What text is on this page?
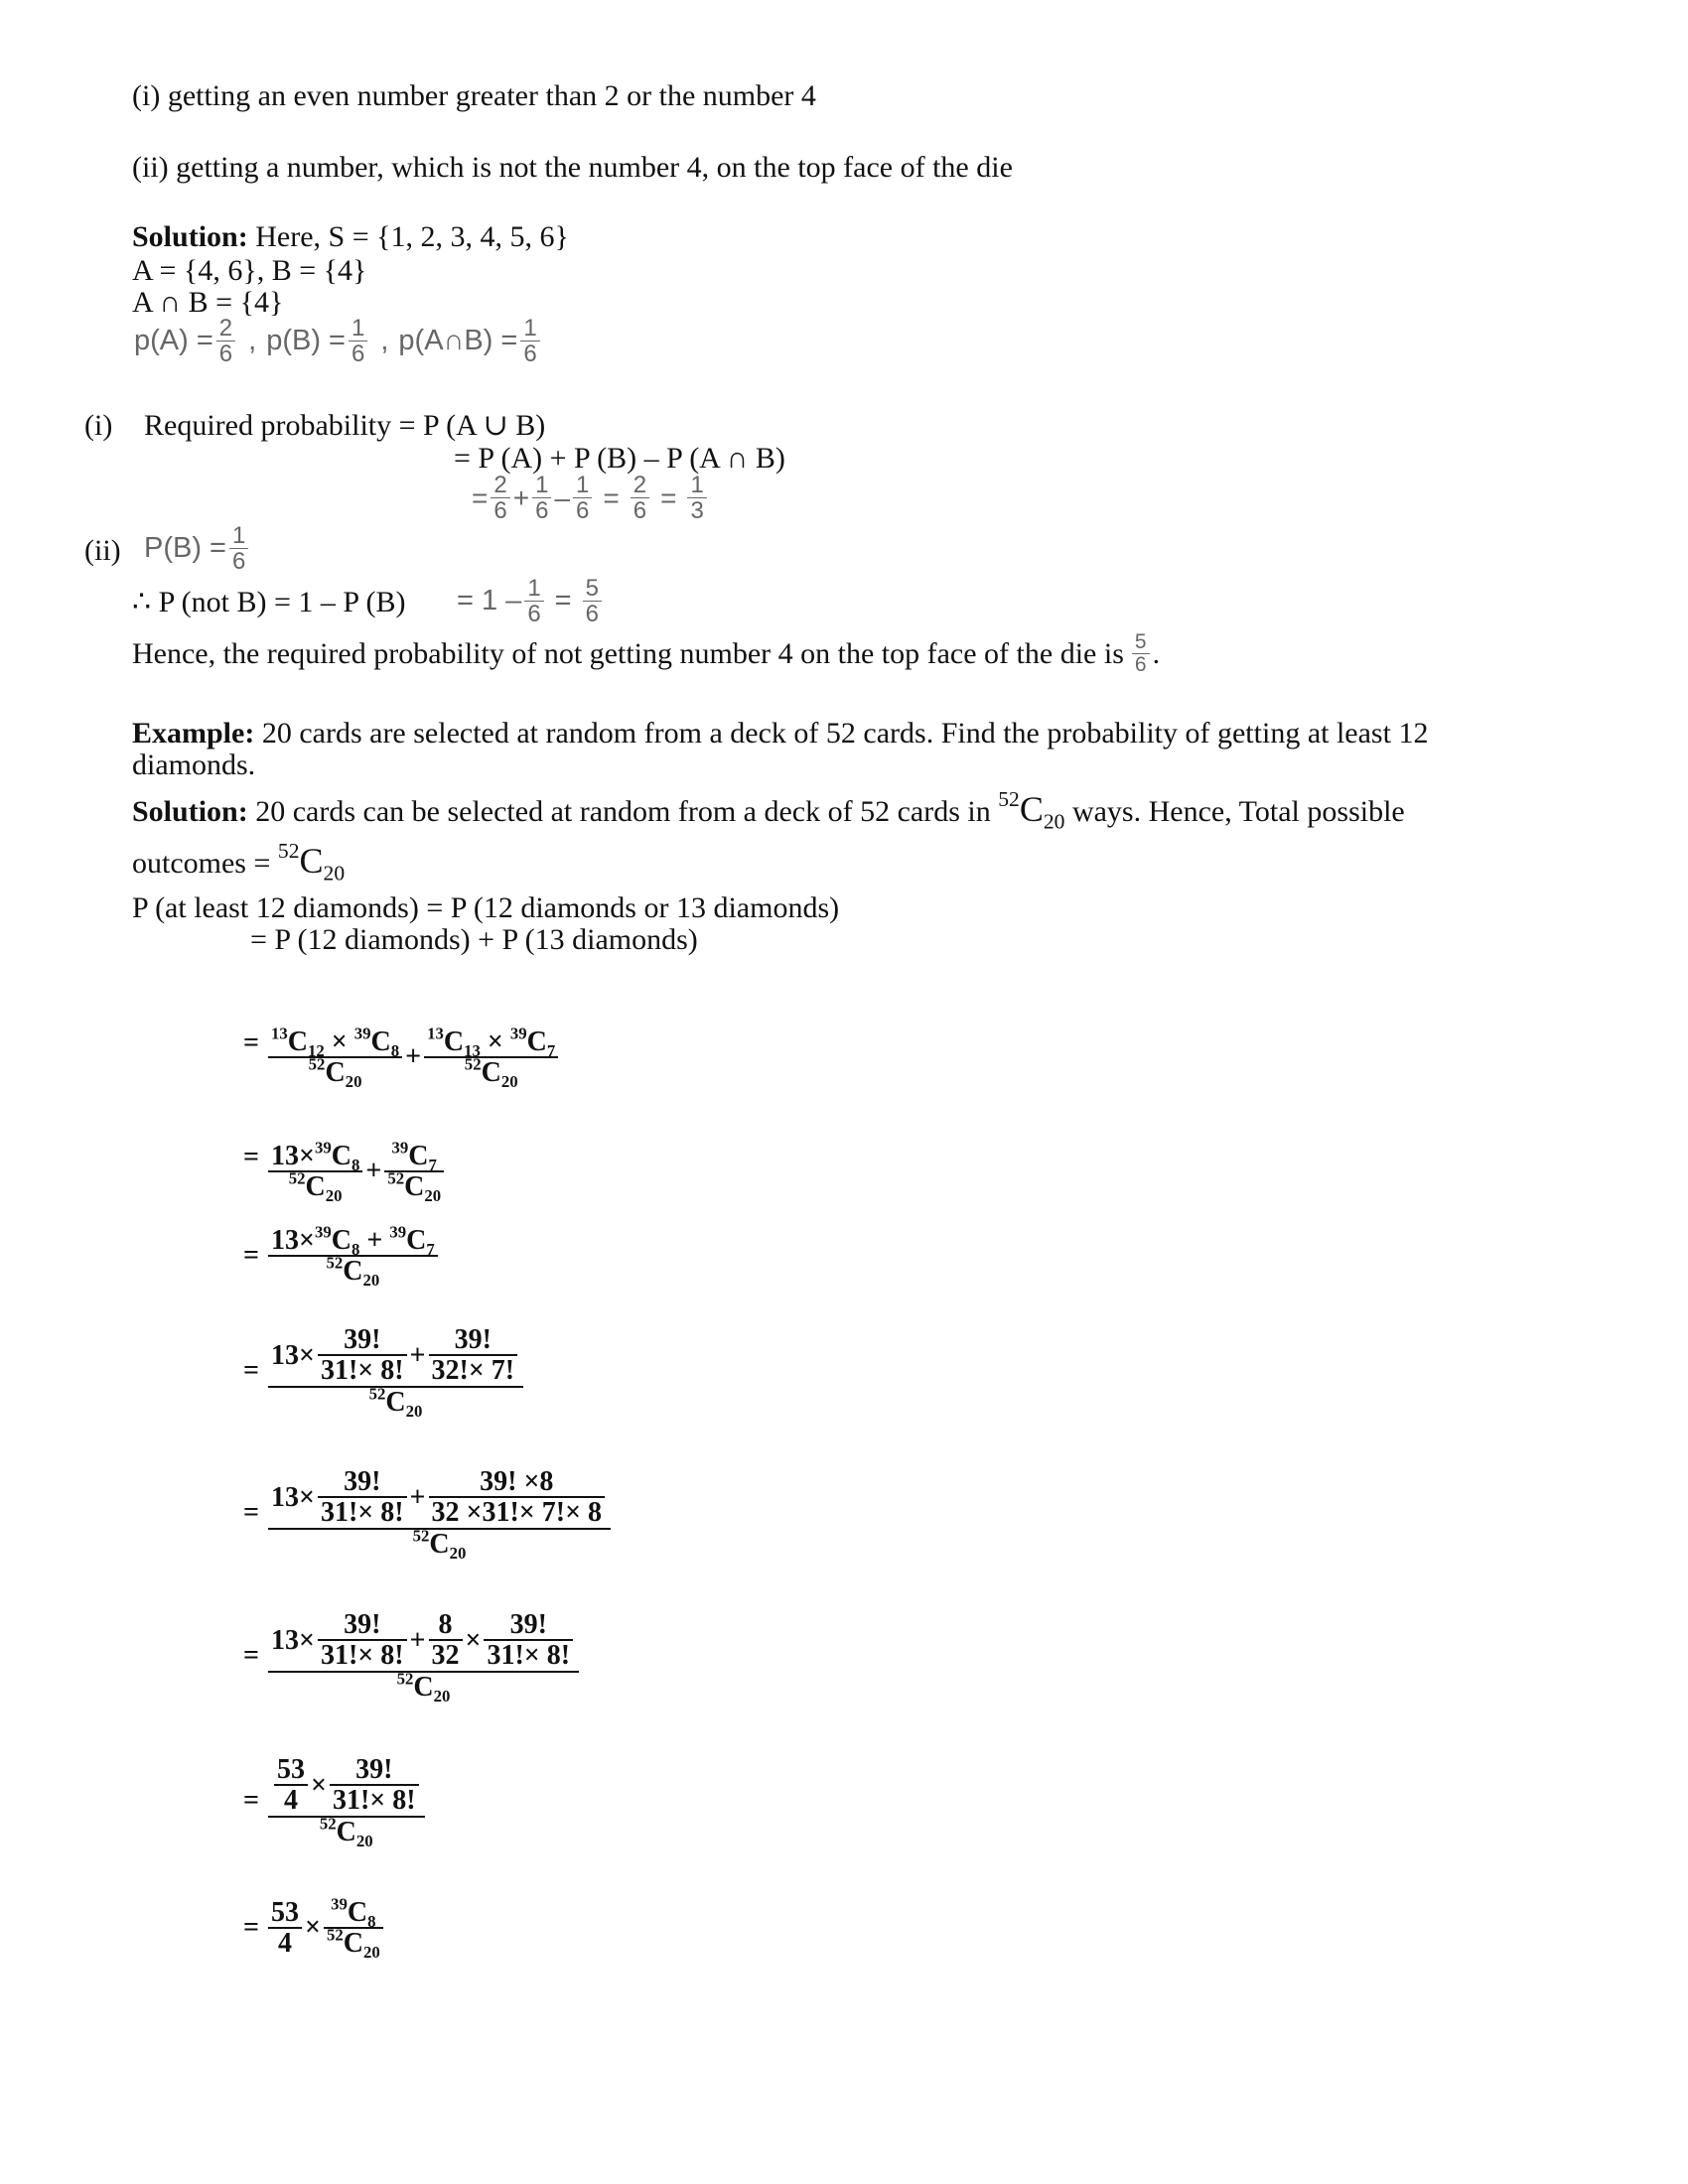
(i) getting an even number greater than 2 or the number 4
(ii) getting a number, which is not the number 4, on the top face of the die
Solution: Here, S = {1, 2, 3, 4, 5, 6}
A = {4, 6}, B = {4}
A ∩ B = {4}
$p(A) = \frac{2}{6}$ , $p(B) = \frac{1}{6}$ , p(A∩B) = $\frac{1}{6}$
(i) Required probability = P (A ∪ B)
= P (A) + P (B) – P (A ∩ B)
= $\frac{2}{6} + \frac{1}{6} - \frac{1}{6} = \frac{2}{6} = \frac{1}{3}$
(ii) $P(B) = \frac{1}{6}$
∴ P (not B) = 1 – P $(B) = 1 - \frac{1}{6} = \frac{5}{6}$
Hence, the required probability of not getting number 4 on the top face of the die is $\frac{5}{6}$ .
Example: 20 cards are selected at random from a deck of 52 cards. Find the probability of getting at least 12
diamonds.
Solution: 20 cards can be selected at random from a deck of 52 cards in $^{52}C_{20}$ ways. Hence, Total possible
outcomes = $^{52}C_{20}$
P (at least 12 diamonds) = P (12 diamonds or 13 diamonds)
= P (12 diamonds) + P (13 diamonds)
= $\frac{^{13}C_{12} \times ^{39}C_8}{^{52}C_{20}} + \frac{^{13}C_{13} \times ^{39}C_7}{^{52}C_{20}}$
= $\frac{13\times^{39}C_8}{^{52}C_{20}} + \frac{^{39}C_7}{^{52}C_{20}}$
= $\frac{13\times^{39}C_8 + ^{39}C_7}{^{52}C_{20}}$
= $\frac{13\times \frac{39!}{31!\times 8!} + \frac{39!}{32!\times 7!}}{^{52}C_{20}}$
= $\frac{13\times \frac{39!}{31!\times 8!} + \frac{39! \times 8}{32 \times 31!\times 7!\times 8}}{^{52}C_{20}}$
= $13\times \frac{39!}{31!\times 8!} + \frac{8}{32} \times \frac{39!}{31!\times 8!}$
$^{52}C_{20}$
= $\frac{\frac{53}{4} \times \frac{39!}{31!\times 8!}}{^{52}C_{20}}$
= $\frac{53}{4} \times \frac{^{39}C_8}{^{52}C_{20}}$
